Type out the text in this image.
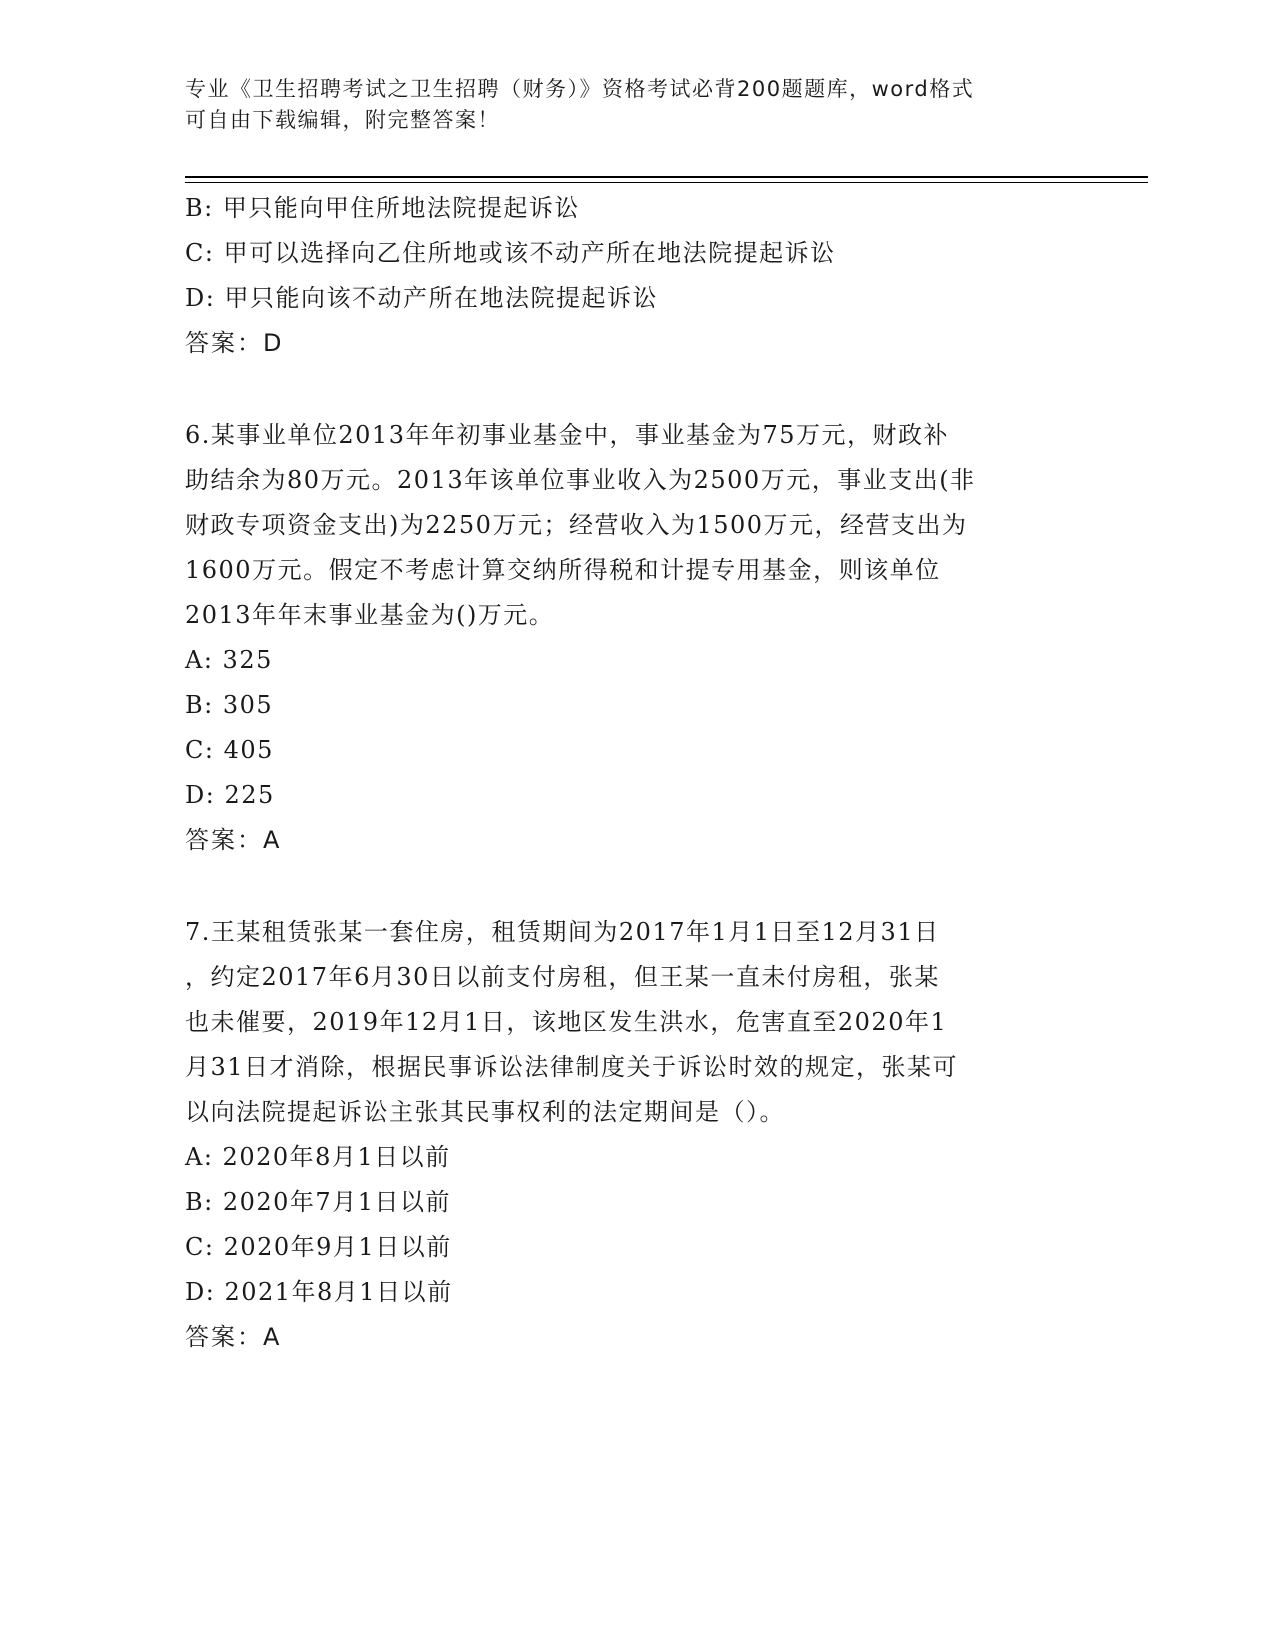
专业《卫生招聘考试之卫生招聘（财务）》资格考试必背200题题库，word格式
可自由下载编辑，附完整答案！
B: 甲只能向甲住所地法院提起诉讼
C: 甲可以选择向乙住所地或该不动产所在地法院提起诉讼
D: 甲只能向该不动产所在地法院提起诉讼
答案：D
6.某事业单位2013年年初事业基金中，事业基金为75万元，财政补
助结余为80万元。2013年该单位事业收入为2500万元，事业支出(非
财政专项资金支出)为2250万元；经营收入为1500万元，经营支出为
1600万元。假定不考虑计算交纳所得税和计提专用基金，则该单位
2013年年末事业基金为()万元。
A: 325
B: 305
C: 405
D: 225
答案：A
7.王某租赁张某一套住房，租赁期间为2017年1月1日至12月31日
，约定2017年6月30日以前支付房租，但王某一直未付房租，张某
也未催要，2019年12月1日，该地区发生洪水，危害直至2020年1
月31日才消除，根据民事诉讼法律制度关于诉讼时效的规定，张某可
以向法院提起诉讼主张其民事权利的法定期间是（）。
A: 2020年8月1日以前
B: 2020年7月1日以前
C: 2020年9月1日以前
D: 2021年8月1日以前
答案：A
